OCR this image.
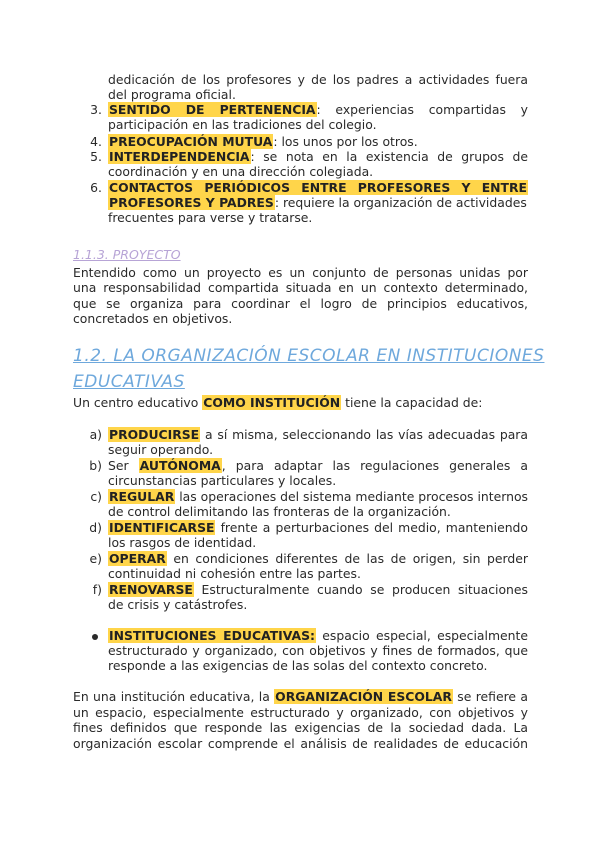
dedicación de los profesores y de los padres a actividades fuera
del programa oficial.
3. SENTIDO DE PERTENENCIA: experiencias compartidas y
participación en las tradiciones del colegio.
4. PREOCUPACIÓN MUTUA: los unos por los otros.
5. INTERDEPENDENCIA: se nota en la existencia de grupos de
coordinación y en una dirección colegiada.
6. CONTACTOS PERIÓDICOS ENTRE PROFESORES Y ENTRE
PROFESORES Y PADRES: requiere la organización de actividades
frecuentes para verse y tratarse.
1.1.3. PROYECTO
Entendido como un proyecto es un conjunto de personas unidas por
una responsabilidad compartida situada en un contexto determinado,
que se organiza para coordinar el logro de principios educativos,
concretados en objetivos.
1.2. LA ORGANIZACIÓN ESCOLAR EN INSTITUCIONES
EDUCATIVAS
Un centro educativo COMO INSTITUCIÓN tiene la capacidad de:
a) PRODUCIRSE a sí misma, seleccionando las vías adecuadas para
seguir operando.
b) Ser AUTÓNOMA, para adaptar las regulaciones generales a
circunstancias particulares y locales.
c) REGULAR las operaciones del sistema mediante procesos internos
de control delimitando las fronteras de la organización.
d) IDENTIFICARSE frente a perturbaciones del medio, manteniendo
los rasgos de identidad.
e) OPERAR en condiciones diferentes de las de origen, sin perder
continuidad ni cohesión entre las partes.
f) RENOVARSE Estructuralmente cuando se producen situaciones
de crisis y catástrofes.
INSTITUCIONES EDUCATIVAS: espacio especial, especialmente
estructurado y organizado, con objetivos y fines de formados, que
responde a las exigencias de las solas del contexto concreto.
En una institución educativa, la ORGANIZACIÓN ESCOLAR se refiere a
un espacio, especialmente estructurado y organizado, con objetivos y
fines definidos que responde las exigencias de la sociedad dada. La
organización escolar comprende el análisis de realidades de educación
